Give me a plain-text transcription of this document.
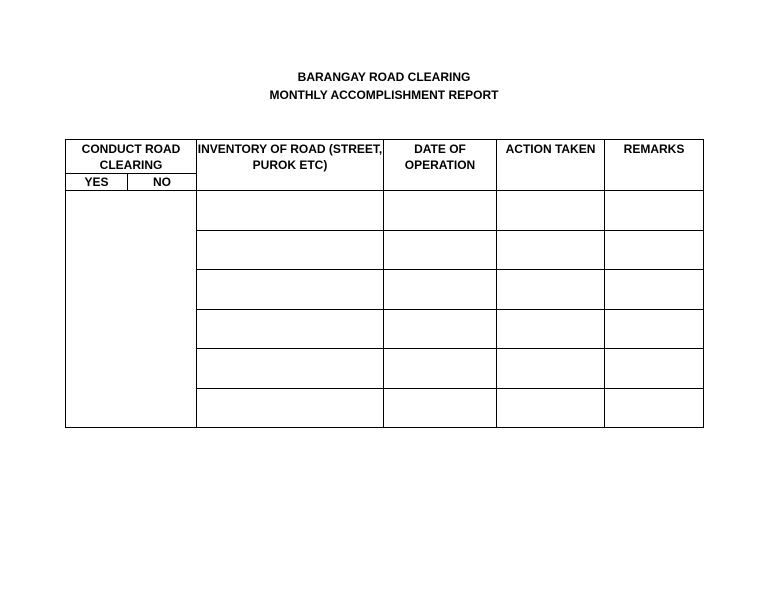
BARANGAY ROAD CLEARING
MONTHLY ACCOMPLISHMENT REPORT
CONDUCT ROAD
CLEARING
YES	NO
INVENTORY OF ROAD (STREET,
PUROK ETC)
DATE OF
OPERATION
ACTION TAKEN	REMARKS
